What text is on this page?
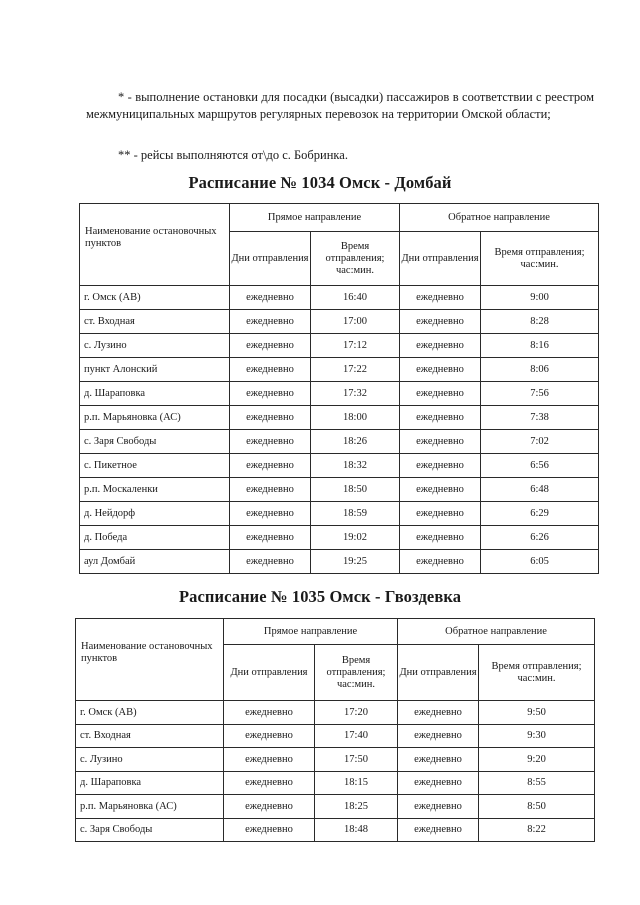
* - выполнение остановки для посадки (высадки) пассажиров в соответствии с реестром межмуниципальных маршрутов регулярных перевозок на территории Омской области;
** - рейсы выполняются от\до с. Бобринка.
Расписание № 1034 Омск - Домбай
Наименование остановочных пунктов	Прямое направление		Обратное направление	
	Дни отправления	Время отправления; час:мин.	Дни отправления	Время отправления; час:мин.
г. Омск (АВ)	ежедневно	16:40	ежедневно	9:00
ст. Входная	ежедневно	17:00	ежедневно	8:28
с. Лузино	ежедневно	17:12	ежедневно	8:16
пункт Алонский	ежедневно	17:22	ежедневно	8:06
д. Шараповка	ежедневно	17:32	ежедневно	7:56
р.п. Марьяновка (АС)	ежедневно	18:00	ежедневно	7:38
с. Заря Свободы	ежедневно	18:26	ежедневно	7:02
с. Пикетное	ежедневно	18:32	ежедневно	6:56
р.п. Москаленки	ежедневно	18:50	ежедневно	6:48
д. Нейдорф	ежедневно	18:59	ежедневно	6:29
д. Победа	ежедневно	19:02	ежедневно	6:26
аул Домбай	ежедневно	19:25	ежедневно	6:05
Расписание № 1035 Омск - Гвоздевка
Наименование остановочных пунктов	Прямое направление		Обратное направление	
	Дни отправления	Время отправления; час:мин.	Дни отправления	Время отправления; час:мин.
г. Омск (АВ)	ежедневно	17:20	ежедневно	9:50
ст. Входная	ежедневно	17:40	ежедневно	9:30
с. Лузино	ежедневно	17:50	ежедневно	9:20
д. Шараповка	ежедневно	18:15	ежедневно	8:55
р.п. Марьяновка (АС)	ежедневно	18:25	ежедневно	8:50
с. Заря Свободы	ежедневно	18:48	ежедневно	8:22
